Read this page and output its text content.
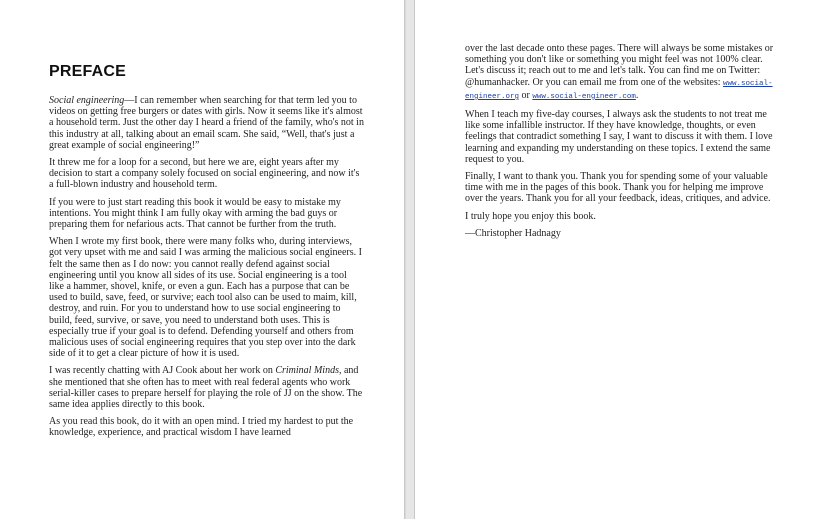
PREFACE

Social engineering—I can remember when searching for that term led you to videos on getting free burgers or dates with girls. Now it seems like it's almost a household term. Just the other day I heard a friend of the family, who's not in this industry at all, talking about an email scam. She said, “Well, that's just a great example of social engineering!”

It threw me for a loop for a second, but here we are, eight years after my decision to start a company solely focused on social engineering, and now it's a full-blown industry and household term.

If you were to just start reading this book it would be easy to mistake my intentions. You might think I am fully okay with arming the bad guys or preparing them for nefarious acts. That cannot be further from the truth.

When I wrote my first book, there were many folks who, during interviews, got very upset with me and said I was arming the malicious social engineers. I felt the same then as I do now: you cannot really defend against social engineering until you know all sides of its use. Social engineering is a tool like a hammer, shovel, knife, or even a gun. Each has a purpose that can be used to build, save, feed, or survive; each tool also can be used to maim, kill, destroy, and ruin. For you to understand how to use social engineering to build, feed, survive, or save, you need to understand both uses. This is especially true if your goal is to defend. Defending yourself and others from malicious uses of social engineering requires that you step over into the dark side of it to get a clear picture of how it is used.

I was recently chatting with AJ Cook about her work on Criminal Minds, and she mentioned that she often has to meet with real federal agents who work serial-killer cases to prepare herself for playing the role of JJ on the show. The same idea applies directly to this book.

As you read this book, do it with an open mind. I tried my hardest to put the knowledge, experience, and practical wisdom I have learned

over the last decade onto these pages. There will always be some mistakes or something you don't like or something you might feel was not 100% clear. Let's discuss it; reach out to me and let's talk. You can find me on Twitter: @humanhacker. Or you can email me from one of the websites: www.social-engineer.org or www.social-engineer.com.

When I teach my five-day courses, I always ask the students to not treat me like some infallible instructor. If they have knowledge, thoughts, or even feelings that contradict something I say, I want to discuss it with them. I love learning and expanding my understanding on these topics. I extend the same request to you.

Finally, I want to thank you. Thank you for spending some of your valuable time with me in the pages of this book. Thank you for helping me improve over the years. Thank you for all your feedback, ideas, critiques, and advice.

I truly hope you enjoy this book.

—Christopher Hadnagy
